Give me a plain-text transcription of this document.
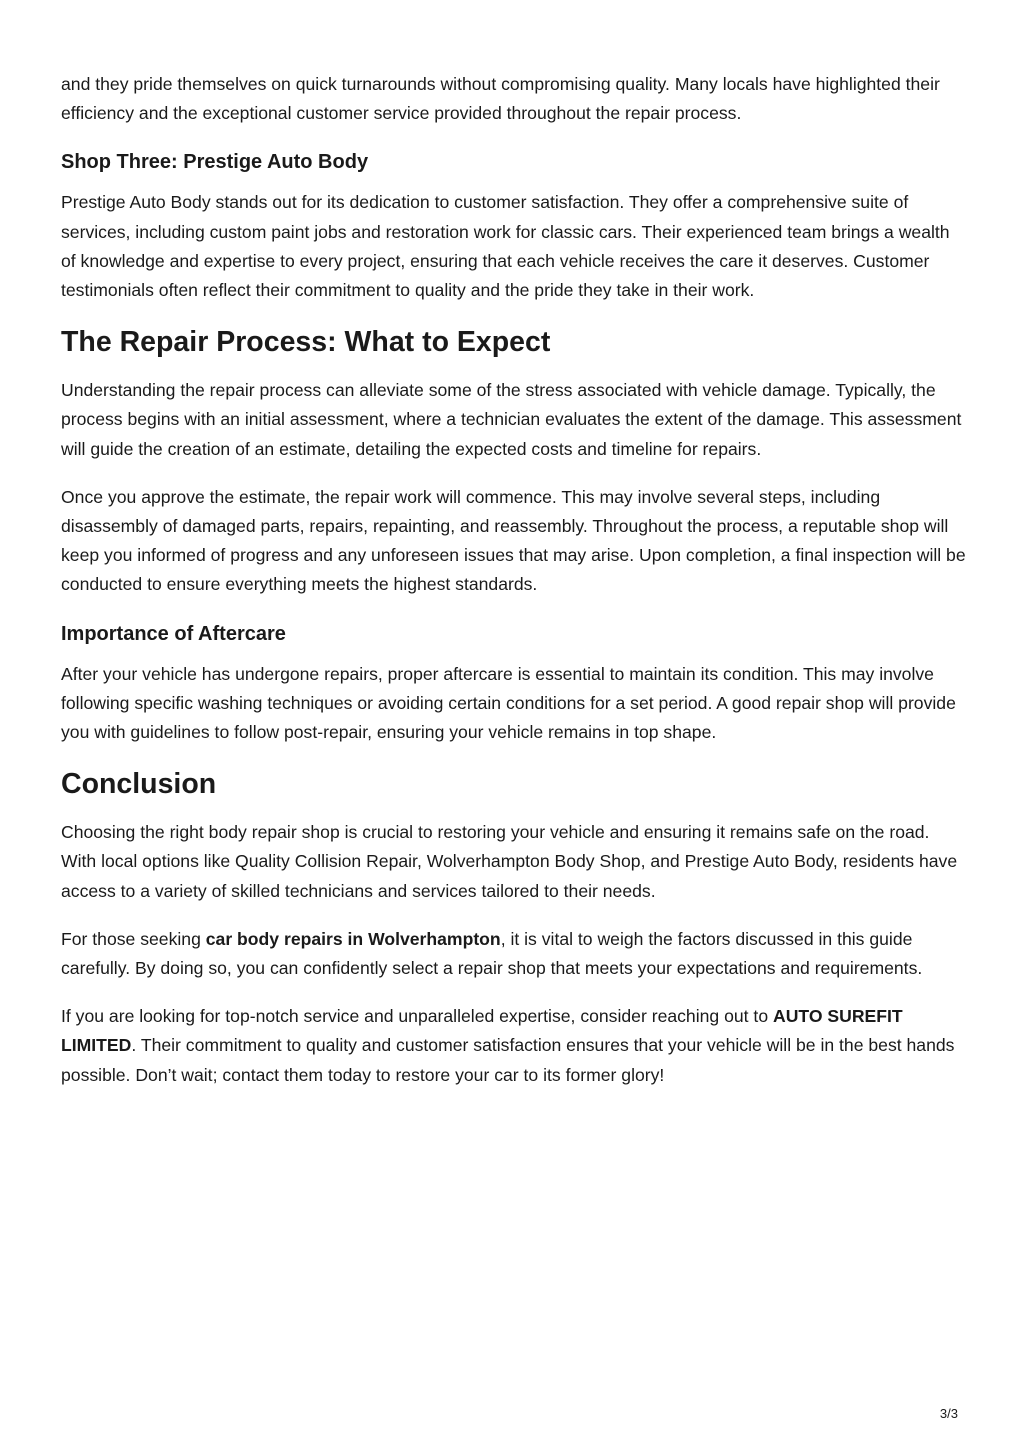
and they pride themselves on quick turnarounds without compromising quality. Many locals have highlighted their efficiency and the exceptional customer service provided throughout the repair process.

Shop Three: Prestige Auto Body

Prestige Auto Body stands out for its dedication to customer satisfaction. They offer a comprehensive suite of services, including custom paint jobs and restoration work for classic cars. Their experienced team brings a wealth of knowledge and expertise to every project, ensuring that each vehicle receives the care it deserves. Customer testimonials often reflect their commitment to quality and the pride they take in their work.

The Repair Process: What to Expect

Understanding the repair process can alleviate some of the stress associated with vehicle damage. Typically, the process begins with an initial assessment, where a technician evaluates the extent of the damage. This assessment will guide the creation of an estimate, detailing the expected costs and timeline for repairs.

Once you approve the estimate, the repair work will commence. This may involve several steps, including disassembly of damaged parts, repairs, repainting, and reassembly. Throughout the process, a reputable shop will keep you informed of progress and any unforeseen issues that may arise. Upon completion, a final inspection will be conducted to ensure everything meets the highest standards.

Importance of Aftercare

After your vehicle has undergone repairs, proper aftercare is essential to maintain its condition. This may involve following specific washing techniques or avoiding certain conditions for a set period. A good repair shop will provide you with guidelines to follow post-repair, ensuring your vehicle remains in top shape.

Conclusion

Choosing the right body repair shop is crucial to restoring your vehicle and ensuring it remains safe on the road. With local options like Quality Collision Repair, Wolverhampton Body Shop, and Prestige Auto Body, residents have access to a variety of skilled technicians and services tailored to their needs.

For those seeking car body repairs in Wolverhampton, it is vital to weigh the factors discussed in this guide carefully. By doing so, you can confidently select a repair shop that meets your expectations and requirements.

If you are looking for top-notch service and unparalleled expertise, consider reaching out to AUTO SUREFIT LIMITED. Their commitment to quality and customer satisfaction ensures that your vehicle will be in the best hands possible. Don’t wait; contact them today to restore your car to its former glory!

3/3
